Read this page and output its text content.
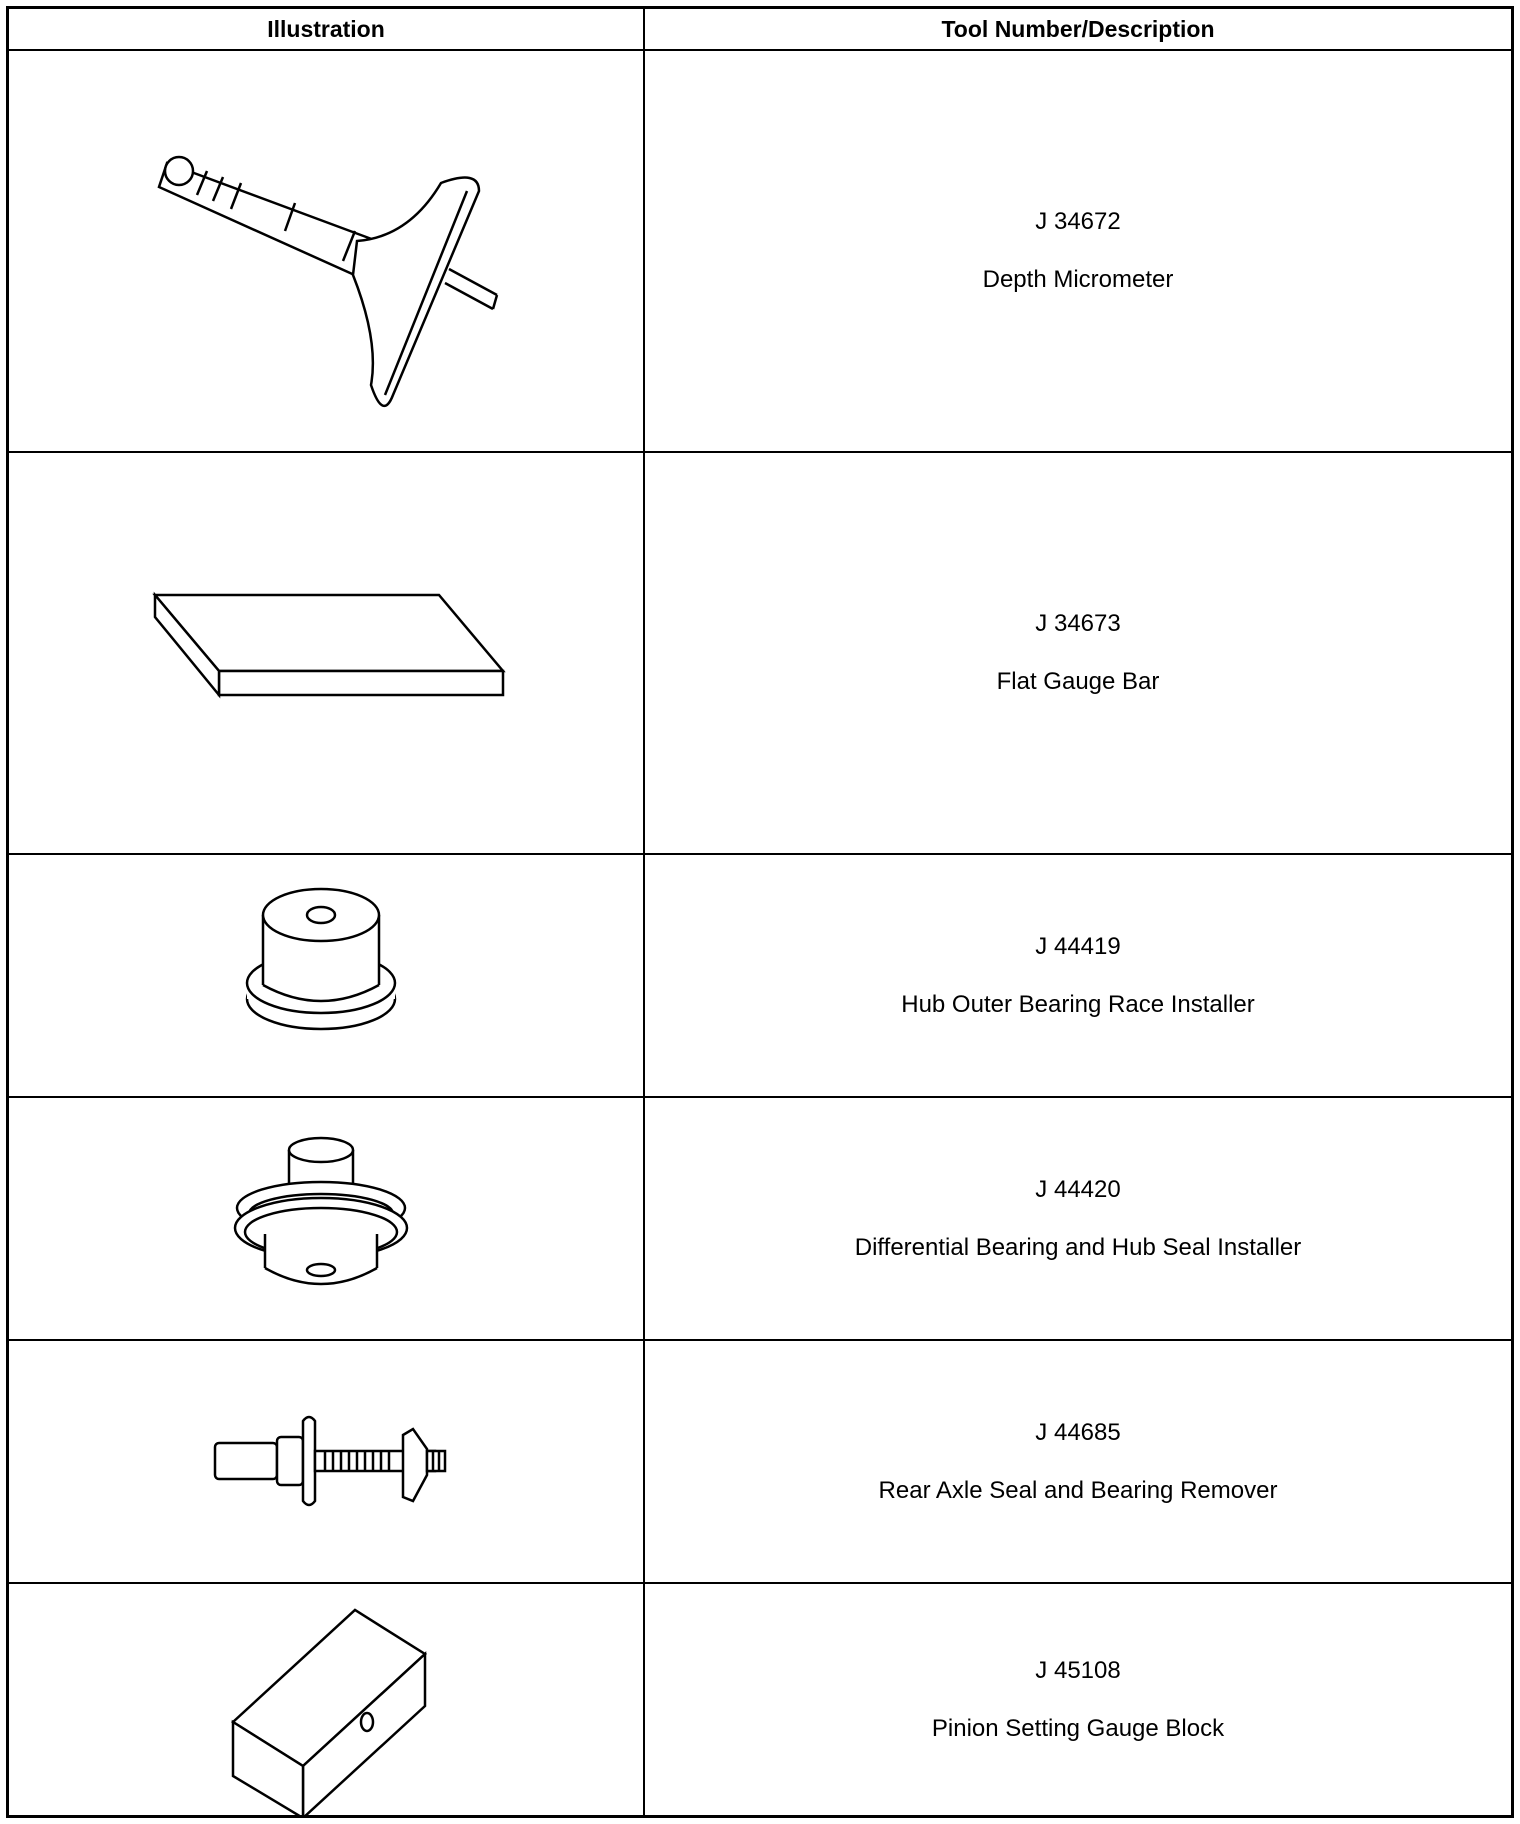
Illustration	Tool Number/Description
J 34672
Depth Micrometer
J 34673
Flat Gauge Bar
J 44419
Hub Outer Bearing Race Installer
J 44420
Differential Bearing and Hub Seal Installer
J 44685
Rear Axle Seal and Bearing Remover
J 45108
Pinion Setting Gauge Block
